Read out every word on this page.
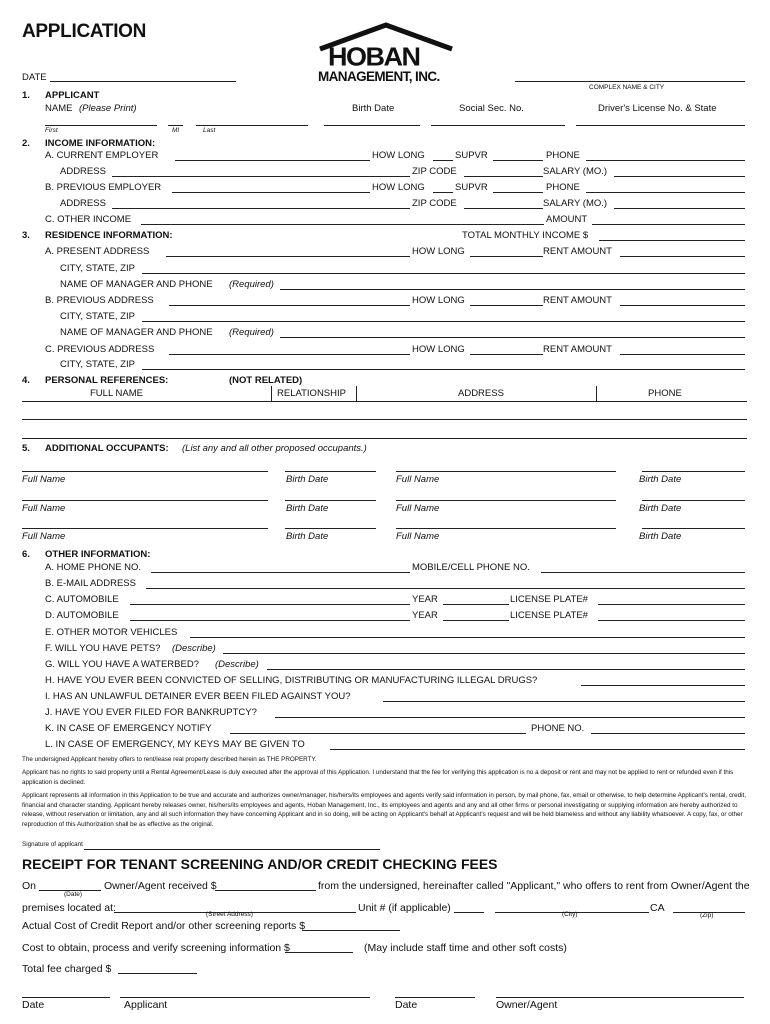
APPLICATION
HOBAN
MANAGEMENT, INC.
DATE
COMPLEX NAME & CITY
1. APPLICANT
NAME (Please Print)	Birth Date	Social Sec. No.	Driver's License No. & State
First	MI	Last
2. INCOME INFORMATION:
A. CURRENT EMPLOYER	HOW LONG	SUPVR	PHONE
ADDRESS	ZIP CODE	SALARY (MO.)
B. PREVIOUS EMPLOYER	HOW LONG	SUPVR	PHONE
ADDRESS	ZIP CODE	SALARY (MO.)
C. OTHER INCOME	AMOUNT
3. RESIDENCE INFORMATION:	TOTAL MONTHLY INCOME $
A. PRESENT ADDRESS	HOW LONG	RENT AMOUNT
CITY, STATE, ZIP
NAME OF MANAGER AND PHONE (Required)
B. PREVIOUS ADDRESS	HOW LONG	RENT AMOUNT
CITY, STATE, ZIP
NAME OF MANAGER AND PHONE (Required)
C. PREVIOUS ADDRESS	HOW LONG	RENT AMOUNT
CITY, STATE, ZIP
4. PERSONAL REFERENCES:	(NOT RELATED)
FULL NAME	RELATIONSHIP	ADDRESS	PHONE
5. ADDITIONAL OCCUPANTS: (List any and all other proposed occupants.)
Full Name	Birth Date	Full Name	Birth Date
Full Name	Birth Date	Full Name	Birth Date
Full Name	Birth Date	Full Name	Birth Date
6. OTHER INFORMATION:
A. HOME PHONE NO.	MOBILE/CELL PHONE NO.
B. E-MAIL ADDRESS
C. AUTOMOBILE	YEAR	LICENSE PLATE#
D. AUTOMOBILE	YEAR	LICENSE PLATE#
E. OTHER MOTOR VEHICLES
F. WILL YOU HAVE PETS? (Describe)
G. WILL YOU HAVE A WATERBED? (Describe)
H. HAVE YOU EVER BEEN CONVICTED OF SELLING, DISTRIBUTING OR MANUFACTURING ILLEGAL DRUGS?
I. HAS AN UNLAWFUL DETAINER EVER BEEN FILED AGAINST YOU?
J. HAVE YOU EVER FILED FOR BANKRUPTCY?
K. IN CASE OF EMERGENCY NOTIFY	PHONE NO.
L. IN CASE OF EMERGENCY, MY KEYS MAY BE GIVEN TO
The undersigned Applicant hereby offers to rent/lease real property described herein as THE PROPERTY.
Applicant has no rights to said property until a Rental Agreement/Lease is duly executed after the approval of this Application. I understand that the fee for verifying this application is no a deposit or rent and may not be applied to rent or refunded even if this application is declined.
Applicant represents all information in this Application to be true and accurate and authorizes owner/manager, his/hers/its employees and agents verify said information in person, by mail phone, fax, email or otherwise, to help determine Applicant's rental, credit, financial and character standing. Applicant hereby releases owner, his/hers/its employees and agents, Hoban Management, Inc., its employees and agents and any and all other firms or personal investigating or supplying information are hereby authorized to release, without reservation or limitation, any and all such information they have concerning Applicant and in so doing, will be acting on Applicant's behalf at Applicant's request and will be held blameless and without any liability whatsoever. A copy, fax, or other reproduction of this Authorization shall be as effective as the original.
Signature of applicant
RECEIPT FOR TENANT SCREENING AND/OR CREDIT CHECKING FEES
On	Owner/Agent received $	from the undersigned, hereinafter called "Applicant," who offers to rent from Owner/Agent the
(Date)
premises located at:	Unit # (if applicable)	CA
(Street Address)	(City)	(Zip)
Actual Cost of Credit Report and/or other screening reports $
Cost to obtain, process and verify screening information $	(May include staff time and other soft costs)
Total fee charged $
Date	Applicant	Date	Owner/Agent
